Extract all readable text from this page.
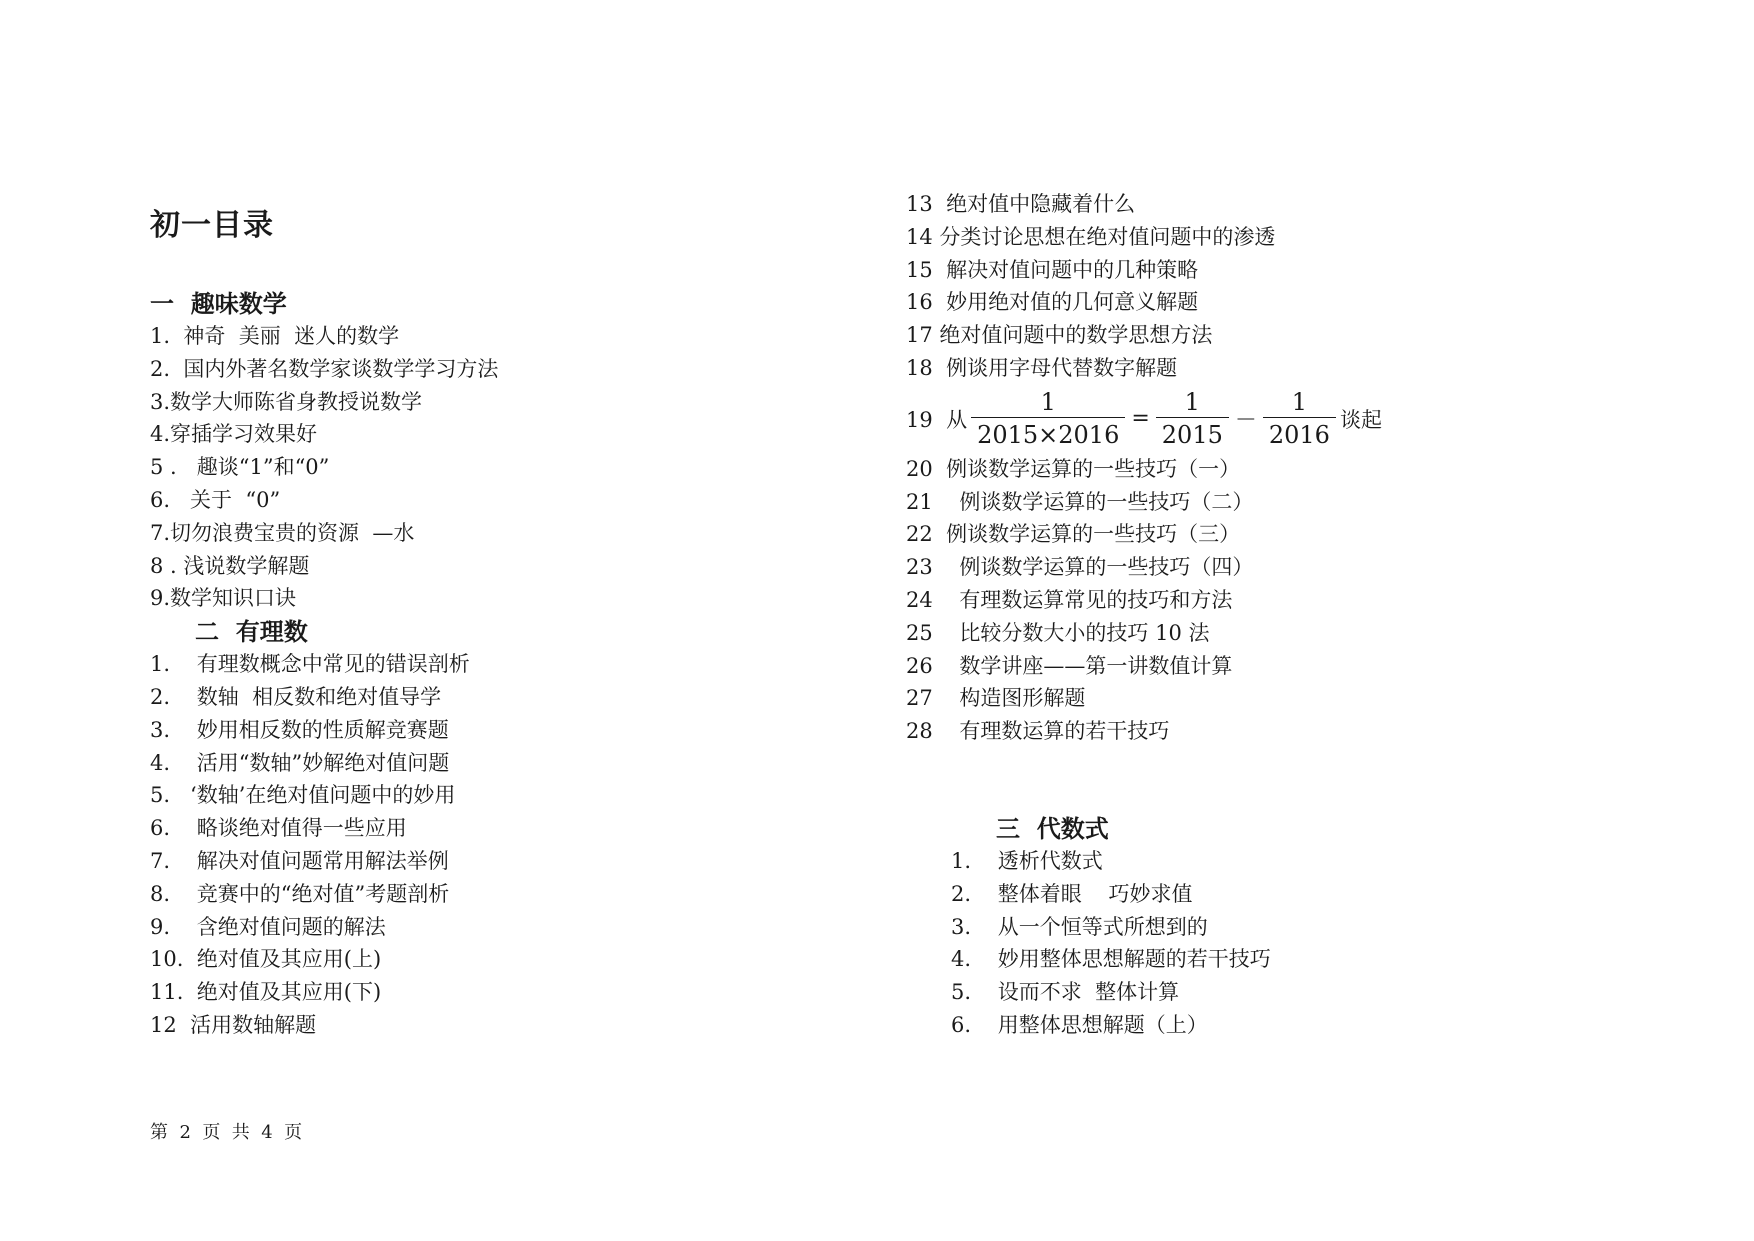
初一目录
一  趣味数学
1.  神奇  美丽  迷人的数学
2.  国内外著名数学家谈数学学习方法
3.数学大师陈省身教授说数学
4.穿插学习效果好
5 .   趣谈“1”和“0”
6.   关于  “0”
7.切勿浪费宝贵的资源  —水
8 . 浅说数学解题
9.数学知识口诀
二  有理数
1.    有理数概念中常见的错误剖析
2.    数轴  相反数和绝对值导学
3.    妙用相反数的性质解竞赛题
4.    活用“数轴”妙解绝对值问题
5.   ‘数轴’在绝对值问题中的妙用
6.    略谈绝对值得一些应用
7.    解决对值问题常用解法举例
8.    竞赛中的“绝对值”考题剖析
9.    含绝对值问题的解法
10.  绝对值及其应用(上)
11.  绝对值及其应用(下)
12  活用数轴解题
13  绝对值中隐藏着什么
14 分类讨论思想在绝对值问题中的渗透
15  解决对值问题中的几种策略
16  妙用绝对值的几何意义解题
17 绝对值问题中的数学思想方法
18  例谈用字母代替数字解题
19  从 $\frac{1}{2015\times 2016} = \frac{1}{2015} - \frac{1}{2016}$ 谈起
20  例谈数学运算的一些技巧（一）
21    例谈数学运算的一些技巧（二）
22  例谈数学运算的一些技巧（三）
23    例谈数学运算的一些技巧（四）
24    有理数运算常见的技巧和方法
25    比较分数大小的技巧 10 法
26    数学讲座——第一讲数值计算
27    构造图形解题
28    有理数运算的若干技巧
三  代数式
1.    透析代数式
2.    整体着眼    巧妙求值
3.    从一个恒等式所想到的
4.    妙用整体思想解题的若干技巧
5.    设而不求  整体计算
6.    用整体思想解题（上）
第  2  页  共  4  页
